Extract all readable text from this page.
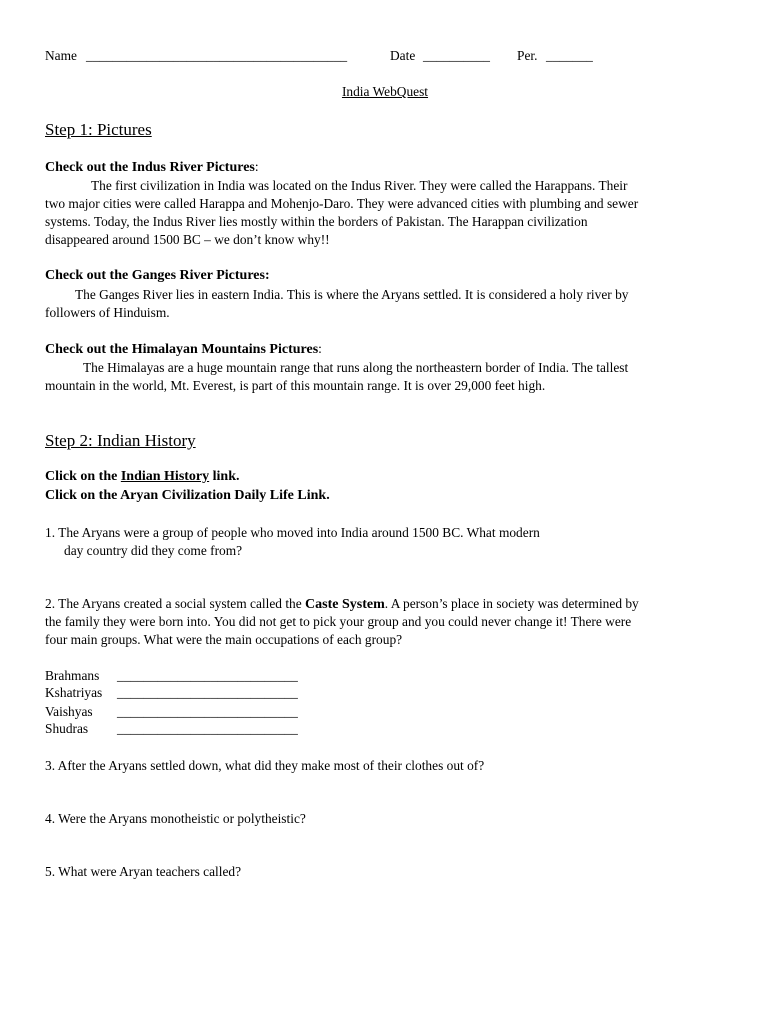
Name _______________________________________	Date __________ Per. _______
India WebQuest
Step 1: Pictures
Check out the Indus River Pictures:
The first civilization in India was located on the Indus River. They were called the Harappans. Their
two major cities were called Harappa and Mohenjo-Daro. They were advanced cities with plumbing and sewer
systems. Today, the Indus River lies mostly within the borders of Pakistan. The Harappan civilization
disappeared around 1500 BC – we don’t know why!!
Check out the Ganges River Pictures:
The Ganges River lies in eastern India. This is where the Aryans settled. It is considered a holy river by
followers of Hinduism.
Check out the Himalayan Mountains Pictures:
The Himalayas are a huge mountain range that runs along the northeastern border of India. The tallest
mountain in the world, Mt. Everest, is part of this mountain range. It is over 29,000 feet high.
Step 2: Indian History
Click on the Indian History link.
Click on the Aryan Civilization Daily Life Link.
1. The Aryans were a group of people who moved into India around 1500 BC. What modern
day country did they come from?
2. The Aryans created a social system called the Caste System. A person’s place in society was determined by
the family they were born into. You did not get to pick your group and you could never change it! There were
four main groups. What were the main occupations of each group?
Brahmans ___________________________
Kshatriyas ___________________________
Vaishyas ___________________________
Shudras ___________________________
3. After the Aryans settled down, what did they make most of their clothes out of?
4. Were the Aryans monotheistic or polytheistic?
5. What were Aryan teachers called?
